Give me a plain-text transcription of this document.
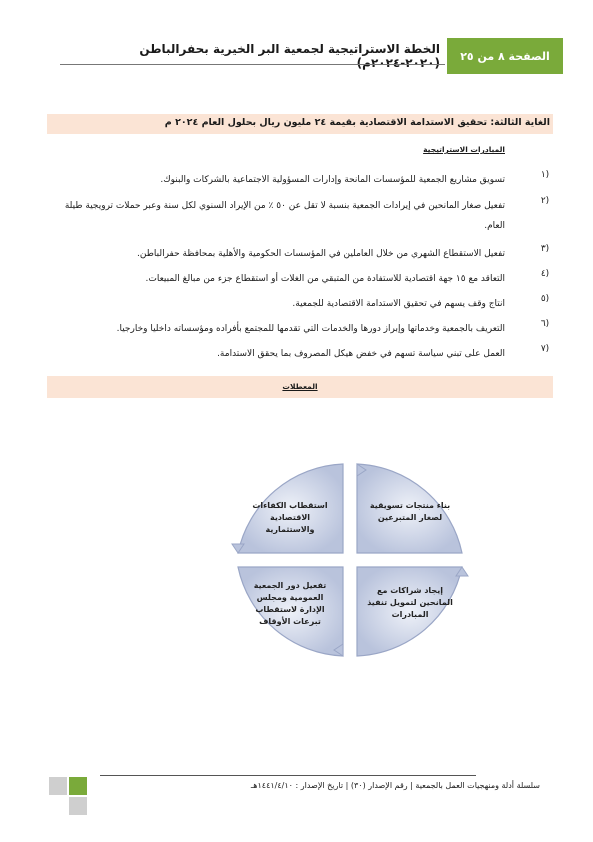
الصفحة ٨ من ٢٥
الخطة الاستراتيجية لجمعية البر الخيرية بحفرالباطن (٢٠٢٠-٢٠٢٤م)
الغاية الثالثة: تحقيق الاستدامة الاقتصادية بقيمة ٢٤ مليون ريال بحلول العام ٢٠٢٤ م
المبادرات الاستراتيجية
١)
تسويق مشاريع الجمعية للمؤسسات المانحة وإدارات المسؤولية الاجتماعية بالشركات والبنوك.
٢)
تفعيل صغار المانحين في إيرادات الجمعية بنسبة لا تقل عن ٥٠ ٪ من الإيراد السنوي لكل سنة وعبر حملات ترويجية طيلة العام.
٣)
تفعيل الاستقطاع الشهري من خلال العاملين في المؤسسات الحكومية والأهلية بمحافظة حفرالباطن.
٤)
التعاقد مع ١٥ جهة اقتصادية للاستفادة من المتبقي من الغلات أو استقطاع جزء من مبالغ المبيعات.
٥)
انتاج وقف يسهم في تحقيق الاستدامة الاقتصادية للجمعية.
٦)
التعريف بالجمعية وخدماتها وإبراز دورها والخدمات التي تقدمها للمجتمع بأفراده ومؤسساته داخليا وخارجيا.
٧)
العمل على تبني سياسة تسهم في خفض هيكل المصروف بما يحقق الاستدامة.
المعطلات
استقطاب الكفاءات الاقتصادية والاستثمارية
بناء منتجات تسويقية لصغار المتبرعين
تفعيل دور الجمعية العمومية ومجلس الإدارة لاستقطاب تبرعات الأوقاف
إيجاد شراكات مع المانحين لتمويل تنفيذ المبادرات
سلسلة أدلة ومنهجيات العمل بالجمعية | رقم الإصدار (٣٠) | تاريخ الإصدار : ١٤٤١/٤/١٠هـ
